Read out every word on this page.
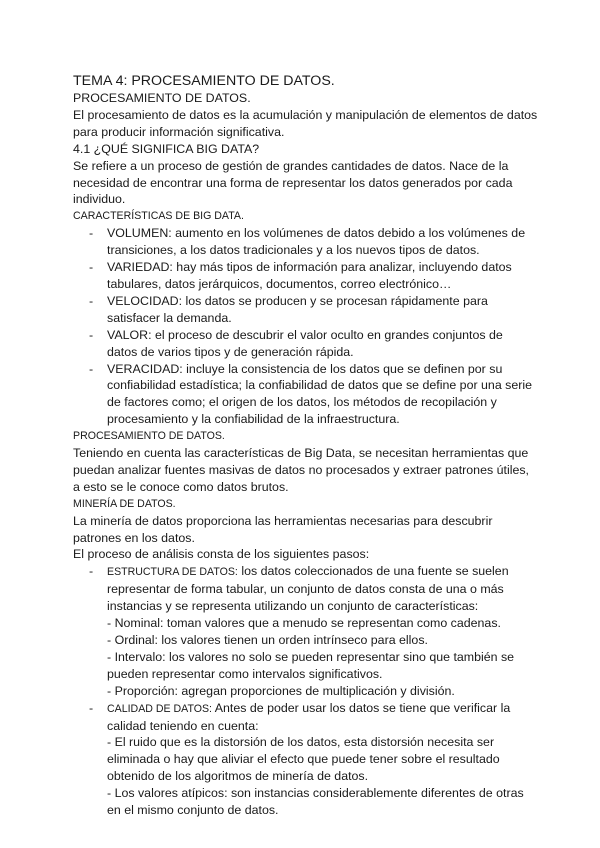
TEMA 4: PROCESAMIENTO DE DATOS.
PROCESAMIENTO DE DATOS.
El procesamiento de datos es la acumulación y manipulación de elementos de datos
para producir información significativa.
4.1 ¿QUÉ SIGNIFICA BIG DATA?
Se refiere a un proceso de gestión de grandes cantidades de datos. Nace de la
necesidad de encontrar una forma de representar los datos generados por cada
individuo.
CARACTERÍSTICAS DE BIG DATA.
- VOLUMEN: aumento en los volúmenes de datos debido a los volúmenes de
transiciones, a los datos tradicionales y a los nuevos tipos de datos.
- VARIEDAD: hay más tipos de información para analizar, incluyendo datos
tabulares, datos jerárquicos, documentos, correo electrónico…
- VELOCIDAD: los datos se producen y se procesan rápidamente para
satisfacer la demanda.
- VALOR: el proceso de descubrir el valor oculto en grandes conjuntos de
datos de varios tipos y de generación rápida.
- VERACIDAD: incluye la consistencia de los datos que se definen por su
confiabilidad estadística; la confiabilidad de datos que se define por una serie
de factores como; el origen de los datos, los métodos de recopilación y
procesamiento y la confiabilidad de la infraestructura.
PROCESAMIENTO DE DATOS.
Teniendo en cuenta las características de Big Data, se necesitan herramientas que
puedan analizar fuentes masivas de datos no procesados y extraer patrones útiles,
a esto se le conoce como datos brutos.
MINERÍA DE DATOS.
La minería de datos proporciona las herramientas necesarias para descubrir
patrones en los datos.
El proceso de análisis consta de los siguientes pasos:
- ESTRUCTURA DE DATOS: los datos coleccionados de una fuente se suelen
representar de forma tabular, un conjunto de datos consta de una o más
instancias y se representa utilizando un conjunto de características:
- Nominal: toman valores que a menudo se representan como cadenas.
- Ordinal: los valores tienen un orden intrínseco para ellos.
- Intervalo: los valores no solo se pueden representar sino que también se
pueden representar como intervalos significativos.
- Proporción: agregan proporciones de multiplicación y división.
- CALIDAD DE DATOS: Antes de poder usar los datos se tiene que verificar la
calidad teniendo en cuenta:
- El ruido que es la distorsión de los datos, esta distorsión necesita ser
eliminada o hay que aliviar el efecto que puede tener sobre el resultado
obtenido de los algoritmos de minería de datos.
- Los valores atípicos: son instancias considerablemente diferentes de otras
en el mismo conjunto de datos.
